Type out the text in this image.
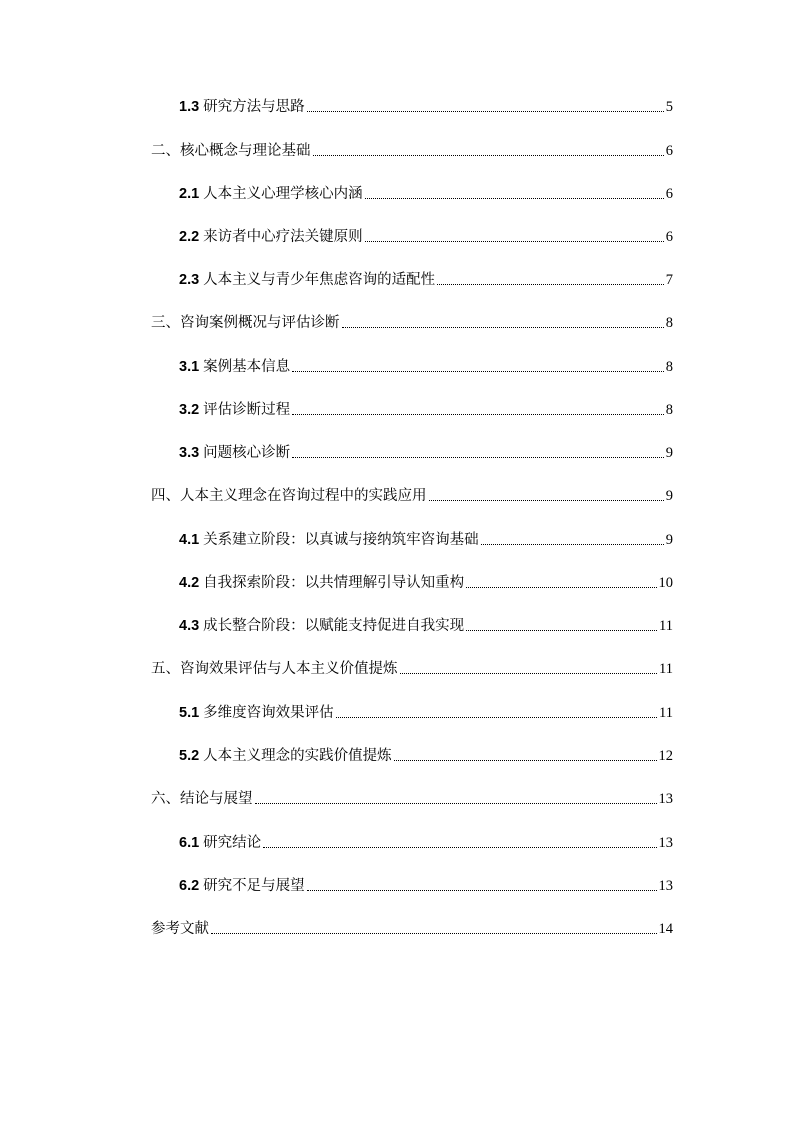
1.3 研究方法与思路	5
二、核心概念与理论基础	6
2.1 人本主义心理学核心内涵	6
2.2 来访者中心疗法关键原则	6
2.3 人本主义与青少年焦虑咨询的适配性	7
三、咨询案例概况与评估诊断	8
3.1 案例基本信息	8
3.2 评估诊断过程	8
3.3 问题核心诊断	9
四、人本主义理念在咨询过程中的实践应用	9
4.1 关系建立阶段：以真诚与接纳筑牢咨询基础	9
4.2 自我探索阶段：以共情理解引导认知重构	10
4.3 成长整合阶段：以赋能支持促进自我实现	11
五、咨询效果评估与人本主义价值提炼	11
5.1 多维度咨询效果评估	11
5.2 人本主义理念的实践价值提炼	12
六、结论与展望	13
6.1 研究结论	13
6.2 研究不足与展望	13
参考文献	14
